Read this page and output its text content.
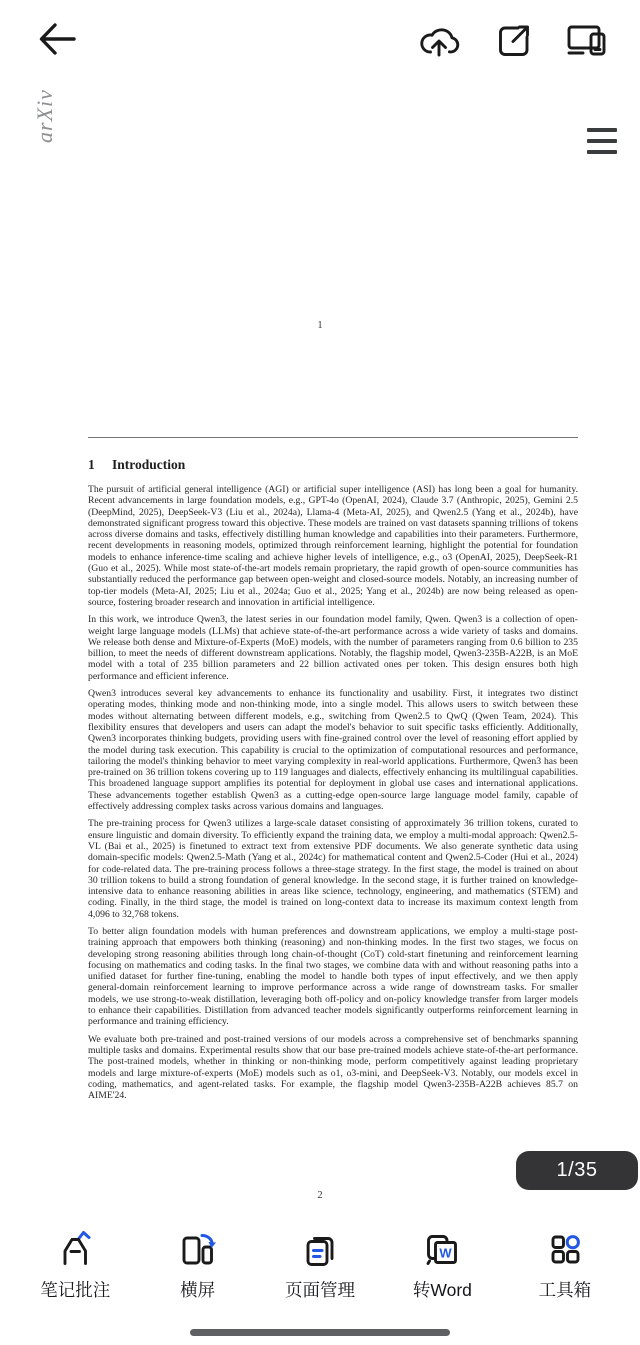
arXiv
1
1 Introduction

The pursuit of artificial general intelligence (AGI) or artificial super intelligence (ASI) has long been a goal for humanity. Recent advancements in large foundation models, e.g., GPT-4o (OpenAI, 2024), Claude 3.7 (Anthropic, 2025), Gemini 2.5 (DeepMind, 2025), DeepSeek-V3 (Liu et al., 2024a), Llama-4 (Meta-AI, 2025), and Qwen2.5 (Yang et al., 2024b), have demonstrated significant progress toward this objective. These models are trained on vast datasets spanning trillions of tokens across diverse domains and tasks, effectively distilling human knowledge and capabilities into their parameters. Furthermore, recent developments in reasoning models, optimized through reinforcement learning, highlight the potential for foundation models to enhance inference-time scaling and achieve higher levels of intelligence, e.g., o3 (OpenAI, 2025), DeepSeek-R1 (Guo et al., 2025). While most state-of-the-art models remain proprietary, the rapid growth of open-source communities has substantially reduced the performance gap between open-weight and closed-source models. Notably, an increasing number of top-tier models (Meta-AI, 2025; Liu et al., 2024a; Guo et al., 2025; Yang et al., 2024b) are now being released as open-source, fostering broader research and innovation in artificial intelligence.

In this work, we introduce Qwen3, the latest series in our foundation model family, Qwen. Qwen3 is a collection of open-weight large language models (LLMs) that achieve state-of-the-art performance across a wide variety of tasks and domains. We release both dense and Mixture-of-Experts (MoE) models, with the number of parameters ranging from 0.6 billion to 235 billion, to meet the needs of different downstream applications. Notably, the flagship model, Qwen3-235B-A22B, is an MoE model with a total of 235 billion parameters and 22 billion activated ones per token. This design ensures both high performance and efficient inference.

Qwen3 introduces several key advancements to enhance its functionality and usability. First, it integrates two distinct operating modes, thinking mode and non-thinking mode, into a single model. This allows users to switch between these modes without alternating between different models, e.g., switching from Qwen2.5 to QwQ (Qwen Team, 2024). This flexibility ensures that developers and users can adapt the model's behavior to suit specific tasks efficiently. Additionally, Qwen3 incorporates thinking budgets, providing users with fine-grained control over the level of reasoning effort applied by the model during task execution. This capability is crucial to the optimization of computational resources and performance, tailoring the model's thinking behavior to meet varying complexity in real-world applications. Furthermore, Qwen3 has been pre-trained on 36 trillion tokens covering up to 119 languages and dialects, effectively enhancing its multilingual capabilities. This broadened language support amplifies its potential for deployment in global use cases and international applications. These advancements together establish Qwen3 as a cutting-edge open-source large language model family, capable of effectively addressing complex tasks across various domains and languages.

The pre-training process for Qwen3 utilizes a large-scale dataset consisting of approximately 36 trillion tokens, curated to ensure linguistic and domain diversity. To efficiently expand the training data, we employ a multi-modal approach: Qwen2.5-VL (Bai et al., 2025) is finetuned to extract text from extensive PDF documents. We also generate synthetic data using domain-specific models: Qwen2.5-Math (Yang et al., 2024c) for mathematical content and Qwen2.5-Coder (Hui et al., 2024) for code-related data. The pre-training process follows a three-stage strategy. In the first stage, the model is trained on about 30 trillion tokens to build a strong foundation of general knowledge. In the second stage, it is further trained on knowledge-intensive data to enhance reasoning abilities in areas like science, technology, engineering, and mathematics (STEM) and coding. Finally, in the third stage, the model is trained on long-context data to increase its maximum context length from 4,096 to 32,768 tokens.

To better align foundation models with human preferences and downstream applications, we employ a multi-stage post-training approach that empowers both thinking (reasoning) and non-thinking modes. In the first two stages, we focus on developing strong reasoning abilities through long chain-of-thought (CoT) cold-start finetuning and reinforcement learning focusing on mathematics and coding tasks. In the final two stages, we combine data with and without reasoning paths into a unified dataset for further fine-tuning, enabling the model to handle both types of input effectively, and we then apply general-domain reinforcement learning to improve performance across a wide range of downstream tasks. For smaller models, we use strong-to-weak distillation, leveraging both off-policy and on-policy knowledge transfer from larger models to enhance their capabilities. Distillation from advanced teacher models significantly outperforms reinforcement learning in performance and training efficiency.

We evaluate both pre-trained and post-trained versions of our models across a comprehensive set of benchmarks spanning multiple tasks and domains. Experimental results show that our base pre-trained models achieve state-of-the-art performance. The post-trained models, whether in thinking or non-thinking mode, perform competitively against leading proprietary models and large mixture-of-experts (MoE) models such as o1, o3-mini, and DeepSeek-V3. Notably, our models excel in coding, mathematics, and agent-related tasks. For example, the flagship model Qwen3-235B-A22B achieves 85.7 on AIME'24.

2
1/35
笔记批注	横屏	页面管理
W
转Word	工具箱
